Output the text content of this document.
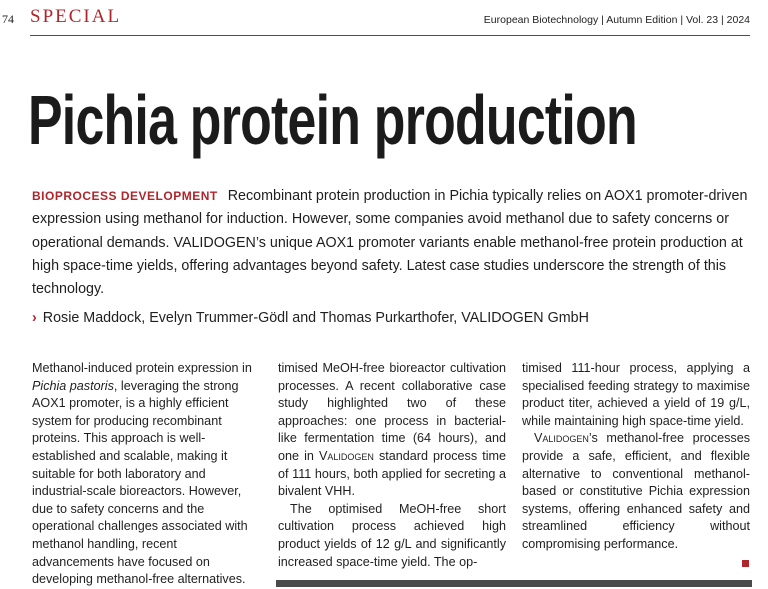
74 SPECIAL	European Biotechnology | Autumn Edition | Vol. 23 | 2024
Pichia protein production
BIOPROCESS DEVELOPMENT Recombinant protein production in Pichia typically relies on AOX1 promoter-driven expression using methanol for induction. However, some companies avoid methanol due to safety concerns or operational demands. VALIDOGEN’s unique AOX1 promoter variants enable methanol-free protein production at high space-time yields, offering advantages beyond safety. Latest case studies underscore the strength of this technology.
› Rosie Maddock, Evelyn Trummer-Gödl and Thomas Purkarthofer, VALIDOGEN GmbH
Methanol-induced protein expression in Pichia pastoris, leveraging the strong AOX1 promoter, is a highly efficient system for producing recombinant proteins. This approach is well-established and scalable, making it suitable for both laboratory and industrial-scale bioreactors. However, due to safety concerns and the operational challenges associated with methanol handling, recent advancements have focused on developing methanol-free alternatives.
timised MeOH-free bioreactor cultivation processes. A recent collaborative case study highlighted two of these approaches: one process in bacterial-like fermentation time (64 hours), and one in Validogen standard process time of 111 hours, both applied for secreting a bivalent VHH.
The optimised MeOH-free short cultivation process achieved high product yields of 12 g/L and significantly increased space-time yield. The op-
timised 111-hour process, applying a specialised feeding strategy to maximise product titer, achieved a yield of 19 g/L, while maintaining high space-time yield.
Validogen’s methanol-free processes provide a safe, efficient, and flexible alternative to conventional methanol-based or constitutive Pichia expression systems, offering enhanced safety and streamlined efficiency without compromising performance.
